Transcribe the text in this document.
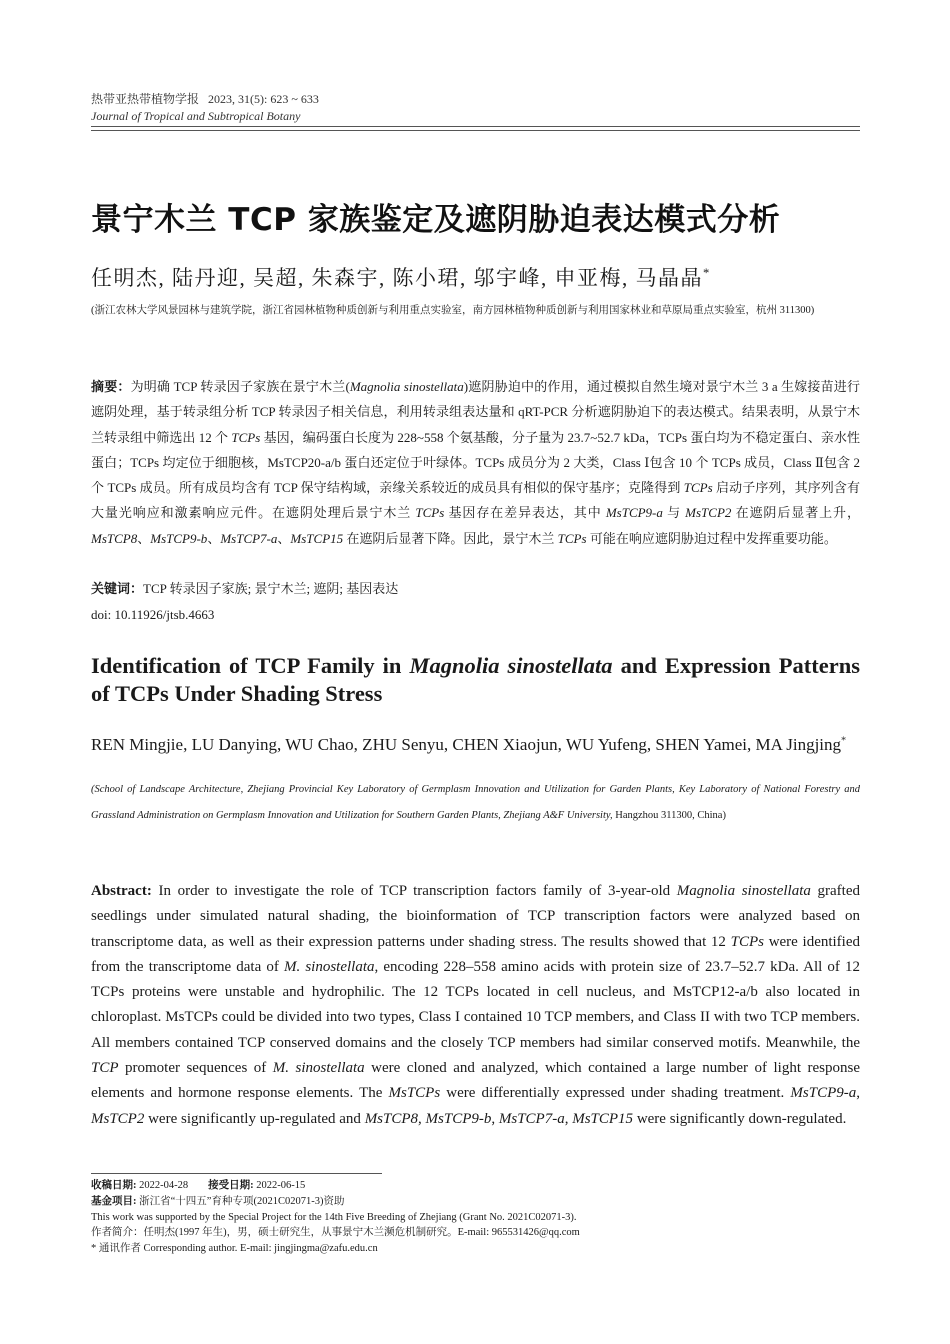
热带亚热带植物学报 2023, 31(5): 623 ~ 633
Journal of Tropical and Subtropical Botany
景宁木兰 TCP 家族鉴定及遮阴胁迫表达模式分析
任明杰, 陆丹迎, 吴超, 朱森宇, 陈小珺, 邬宇峰, 申亚梅, 马晶晶*
(浙江农林大学风景园林与建筑学院，浙江省园林植物种质创新与利用重点实验室，南方园林植物种质创新与利用国家林业和草原局重点实验室，杭州 311300)
摘要：为明确 TCP 转录因子家族在景宁木兰(Magnolia sinostellata)遮阴胁迫中的作用，通过模拟自然生境对景宁木兰 3 a 生嫁接苗进行遮阴处理，基于转录组分析 TCP 转录因子相关信息，利用转录组表达量和 qRT-PCR 分析遮阴胁迫下的表达模式。结果表明，从景宁木兰转录组中筛选出 12 个 TCPs 基因，编码蛋白长度为 228~558 个氨基酸，分子量为 23.7~52.7 kDa，TCPs 蛋白均为不稳定蛋白、亲水性蛋白；TCPs 均定位于细胞核，MsTCP20-a/b 蛋白还定位于叶绿体。TCPs 成员分为 2 大类，Class Ⅰ包含 10 个 TCPs 成员，Class Ⅱ包含 2 个 TCPs 成员。所有成员均含有 TCP 保守结构域，亲缘关系较近的成员具有相似的保守基序；克隆得到 TCPs 启动子序列，其序列含有大量光响应和激素响应元件。在遮阴处理后景宁木兰 TCPs 基因存在差异表达，其中 MsTCP9-a 与 MsTCP2 在遮阴后显著上升，MsTCP8、MsTCP9-b、MsTCP7-a、MsTCP15 在遮阴后显著下降。因此，景宁木兰 TCPs 可能在响应遮阴胁迫过程中发挥重要功能。
关键词：TCP 转录因子家族; 景宁木兰; 遮阴; 基因表达
doi: 10.11926/jtsb.4663
Identification of TCP Family in Magnolia sinostellata and Expression Patterns of TCPs Under Shading Stress
REN Mingjie, LU Danying, WU Chao, ZHU Senyu, CHEN Xiaojun, WU Yufeng, SHEN Yamei, MA Jingjing*
(School of Landscape Architecture, Zhejiang Provincial Key Laboratory of Germplasm Innovation and Utilization for Garden Plants, Key Laboratory of National Forestry and Grassland Administration on Germplasm Innovation and Utilization for Southern Garden Plants, Zhejiang A&F University, Hangzhou 311300, China)
Abstract: In order to investigate the role of TCP transcription factors family of 3-year-old Magnolia sinostellata grafted seedlings under simulated natural shading, the bioinformation of TCP transcription factors were analyzed based on transcriptome data, as well as their expression patterns under shading stress. The results showed that 12 TCPs were identified from the transcriptome data of M. sinostellata, encoding 228–558 amino acids with protein size of 23.7–52.7 kDa. All of 12 TCPs proteins were unstable and hydrophilic. The 12 TCPs located in cell nucleus, and MsTCP12-a/b also located in chloroplast. MsTCPs could be divided into two types, Class I contained 10 TCP members, and Class II with two TCP members. All members contained TCP conserved domains and the closely TCP members had similar conserved motifs. Meanwhile, the TCP promoter sequences of M. sinostellata were cloned and analyzed, which contained a large number of light response elements and hormone response elements. The MsTCPs were differentially expressed under shading treatment. MsTCP9-a, MsTCP2 were significantly up-regulated and MsTCP8, MsTCP9-b, MsTCP7-a, MsTCP15 were significantly down-regulated.
收稿日期: 2022-04-28 接受日期: 2022-06-15
基金项目: 浙江省“十四五”育种专项(2021C02071-3)资助
This work was supported by the Special Project for the 14th Five Breeding of Zhejiang (Grant No. 2021C02071-3).
作者简介：任明杰(1997 年生)，男，硕士研究生，从事景宁木兰濒危机制研究。E-mail: 965531426@qq.com
* 通讯作者 Corresponding author. E-mail: jingjingma@zafu.edu.cn
